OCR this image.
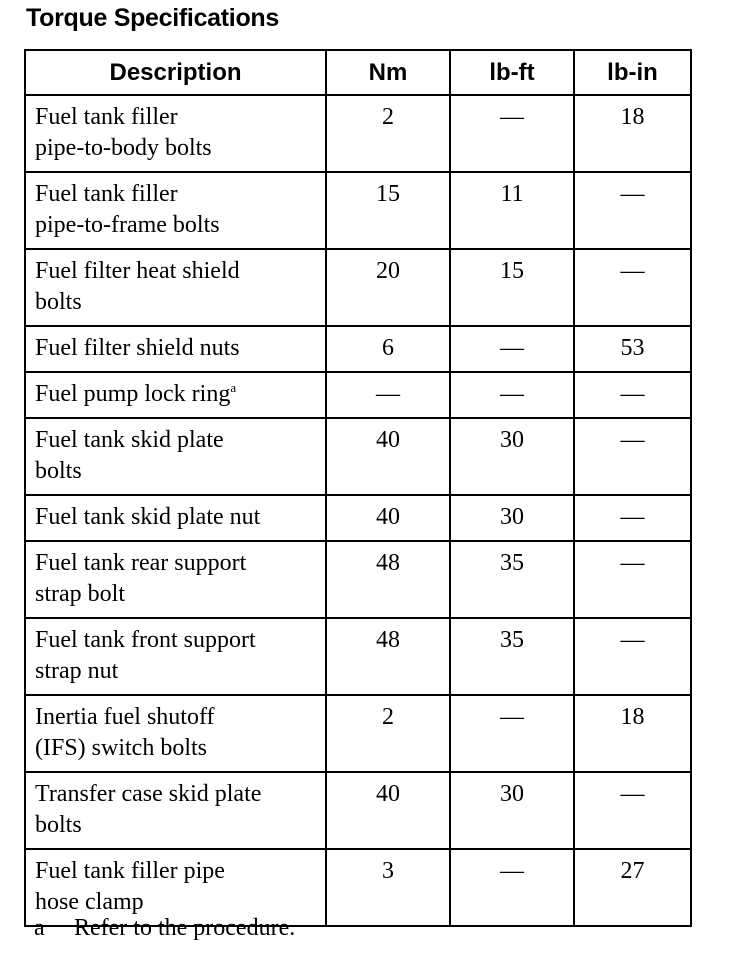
Torque Specifications
Description	Nm	lb-ft	lb-in
Fuel tank filler
pipe-to-body bolts	2	—	18
Fuel tank filler
pipe-to-frame bolts	15	11	—
Fuel filter heat shield
bolts	20	15	—
Fuel filter shield nuts	6	—	53
Fuel pump lock ring$^a$	—	—	—
Fuel tank skid plate
bolts	40	30	—
Fuel tank skid plate nut	40	30	—
Fuel tank rear support
strap bolt	48	35	—
Fuel tank front support
strap nut	48	35	—
Inertia fuel shutoff
(IFS) switch bolts	2	—	18
Transfer case skid plate
bolts	40	30	—
Fuel tank filler pipe
hose clamp	3	—	27
a Refer to the procedure.
